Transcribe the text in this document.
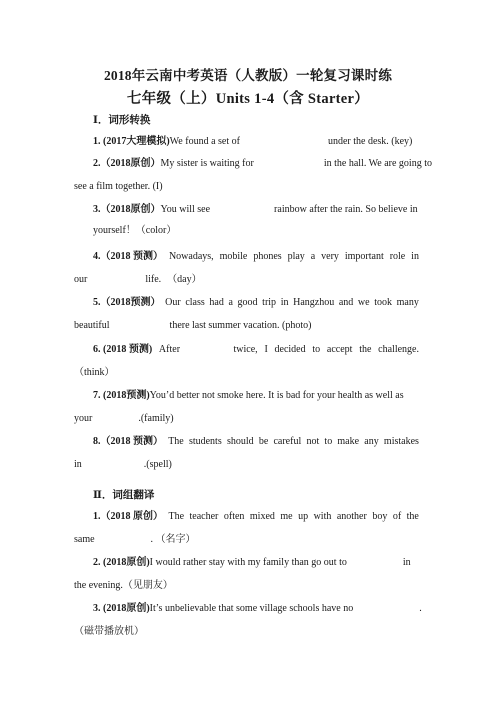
2018年云南中考英语（人教版）一轮复习课时练
七年级（上）Units 1-4（含 Starter）
Ⅰ．词形转换
1. (2017大理模拟)We found a set of	under the desk. (key)
2.（2018原创）My sister is waiting for	in the hall. We are going to
see a film together. (I)
3.（2018原创）You will see	rainbow after the rain. So believe in
yourself！（color）
4.（2018 预测） Nowadays, mobile phones play a very important role in
our	life. （day）
5.（2018预测） Our class had a good trip in Hangzhou and we took many
beautiful	there last summer vacation. (photo)
6. (2018 预测) After	twice, I decided to accept the challenge.
（think）
7. (2018预测)You’d better not smoke here. It is bad for your health as well as
your	.(family)
8.（2018 预测） The students should be careful not to make any mistakes
in	.(spell)
Ⅱ．词组翻译
1.（2018 原创） The teacher often mixed me up with another boy of the
same	. （名字）
2. (2018原创)I would rather stay with my family than go out to	in
the evening.（见朋友）
3. (2018原创)It’s unbelievable that some village schools have no	.
（磁带播放机）
